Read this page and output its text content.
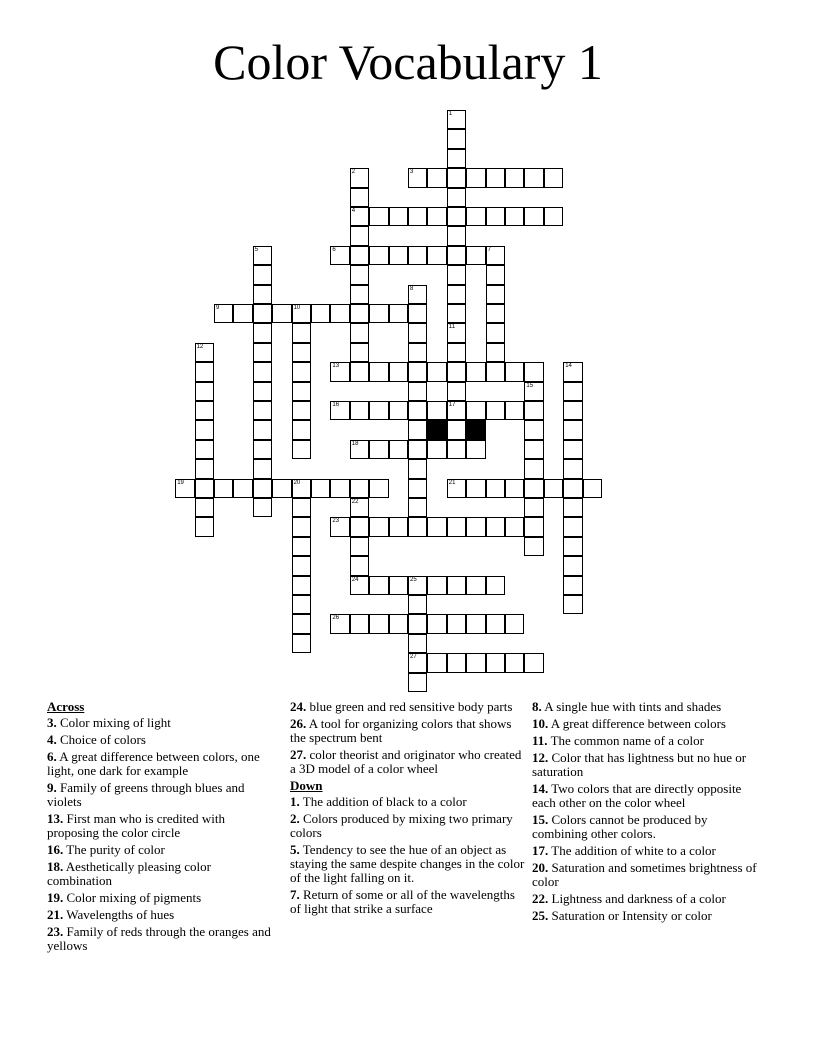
Color Vocabulary 1
1
11
2
4
3
5	6	7
8
9	10
17
12
13	14
15
16
18
19	20	21
22
24
23
25
27
26
Across
3. Color mixing of light
4. Choice of colors
6. A great difference between colors, one light, one dark for example
9. Family of greens through blues and violets
13. First man who is credited with proposing the color circle
16. The purity of color
18. Aesthetically pleasing color combination
19. Color mixing of pigments
21. Wavelengths of hues
23. Family of reds through the oranges and yellows
24. blue green and red sensitive body parts
26. A tool for organizing colors that shows the spectrum bent
27. color theorist and originator who created a 3D model of a color wheel
Down
1. The addition of black to a color
2. Colors produced by mixing two primary colors
5. Tendency to see the hue of an object as staying the same despite changes in the color of the light falling on it.
7. Return of some or all of the wavelengths of light that strike a surface
8. A single hue with tints and shades
10. A great difference between colors
11. The common name of a color
12. Color that has lightness but no hue or saturation
14. Two colors that are directly opposite each other on the color wheel
15. Colors cannot be produced by combining other colors.
17. The addition of white to a color
20. Saturation and sometimes brightness of color
22. Lightness and darkness of a color
25. Saturation or Intensity or color
